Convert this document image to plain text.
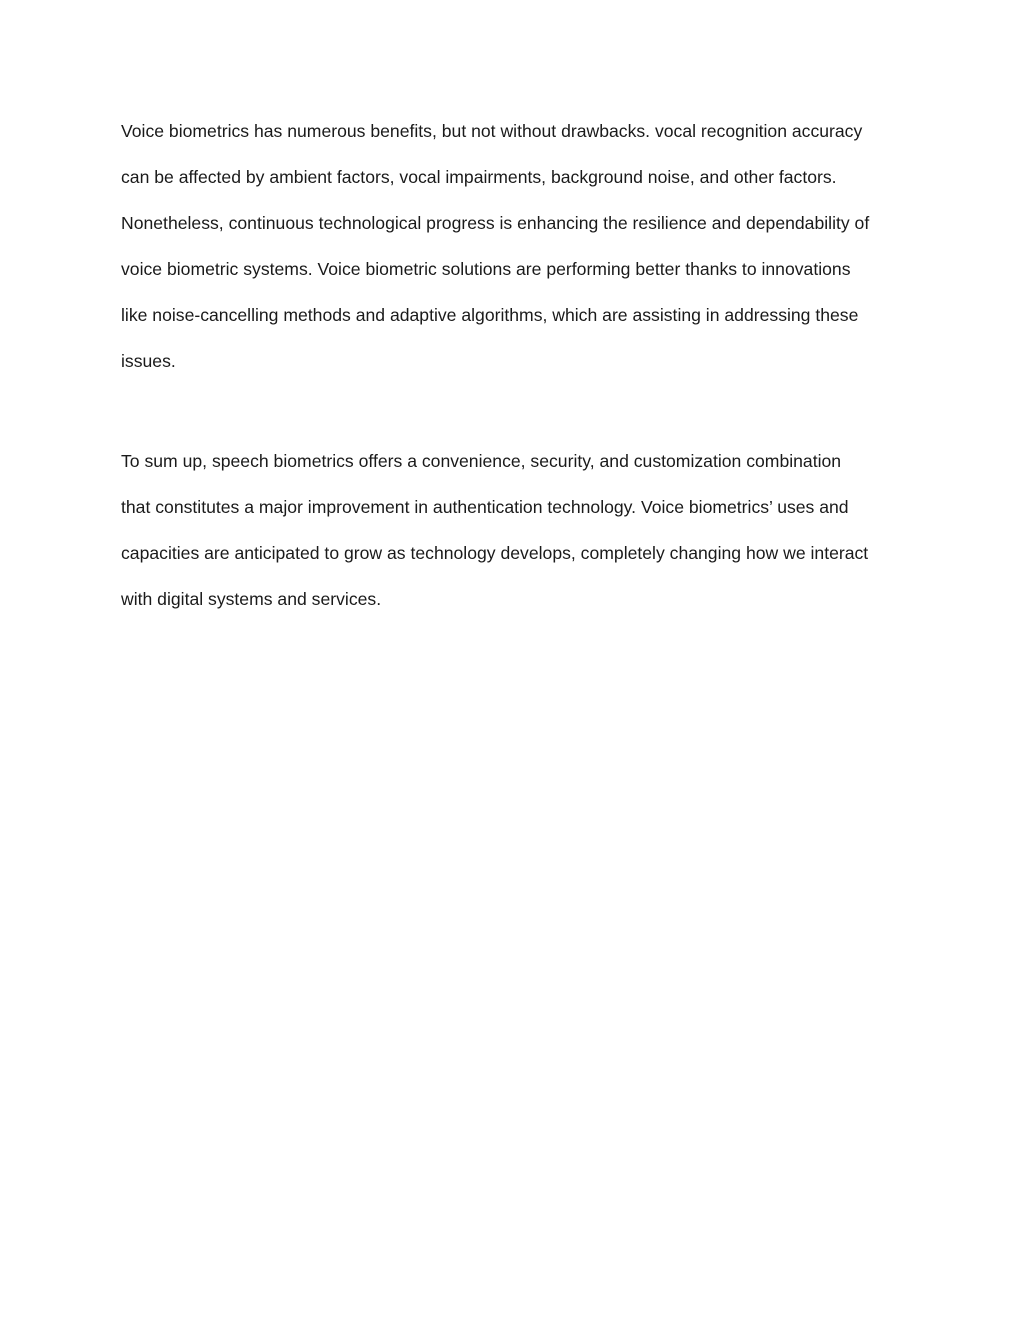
Voice biometrics has numerous benefits, but not without drawbacks. vocal recognition accuracy
can be affected by ambient factors, vocal impairments, background noise, and other factors.
Nonetheless, continuous technological progress is enhancing the resilience and dependability of
voice biometric systems. Voice biometric solutions are performing better thanks to innovations
like noise-cancelling methods and adaptive algorithms, which are assisting in addressing these
issues.
To sum up, speech biometrics offers a convenience, security, and customization combination
that constitutes a major improvement in authentication technology. Voice biometrics’ uses and
capacities are anticipated to grow as technology develops, completely changing how we interact
with digital systems and services.
